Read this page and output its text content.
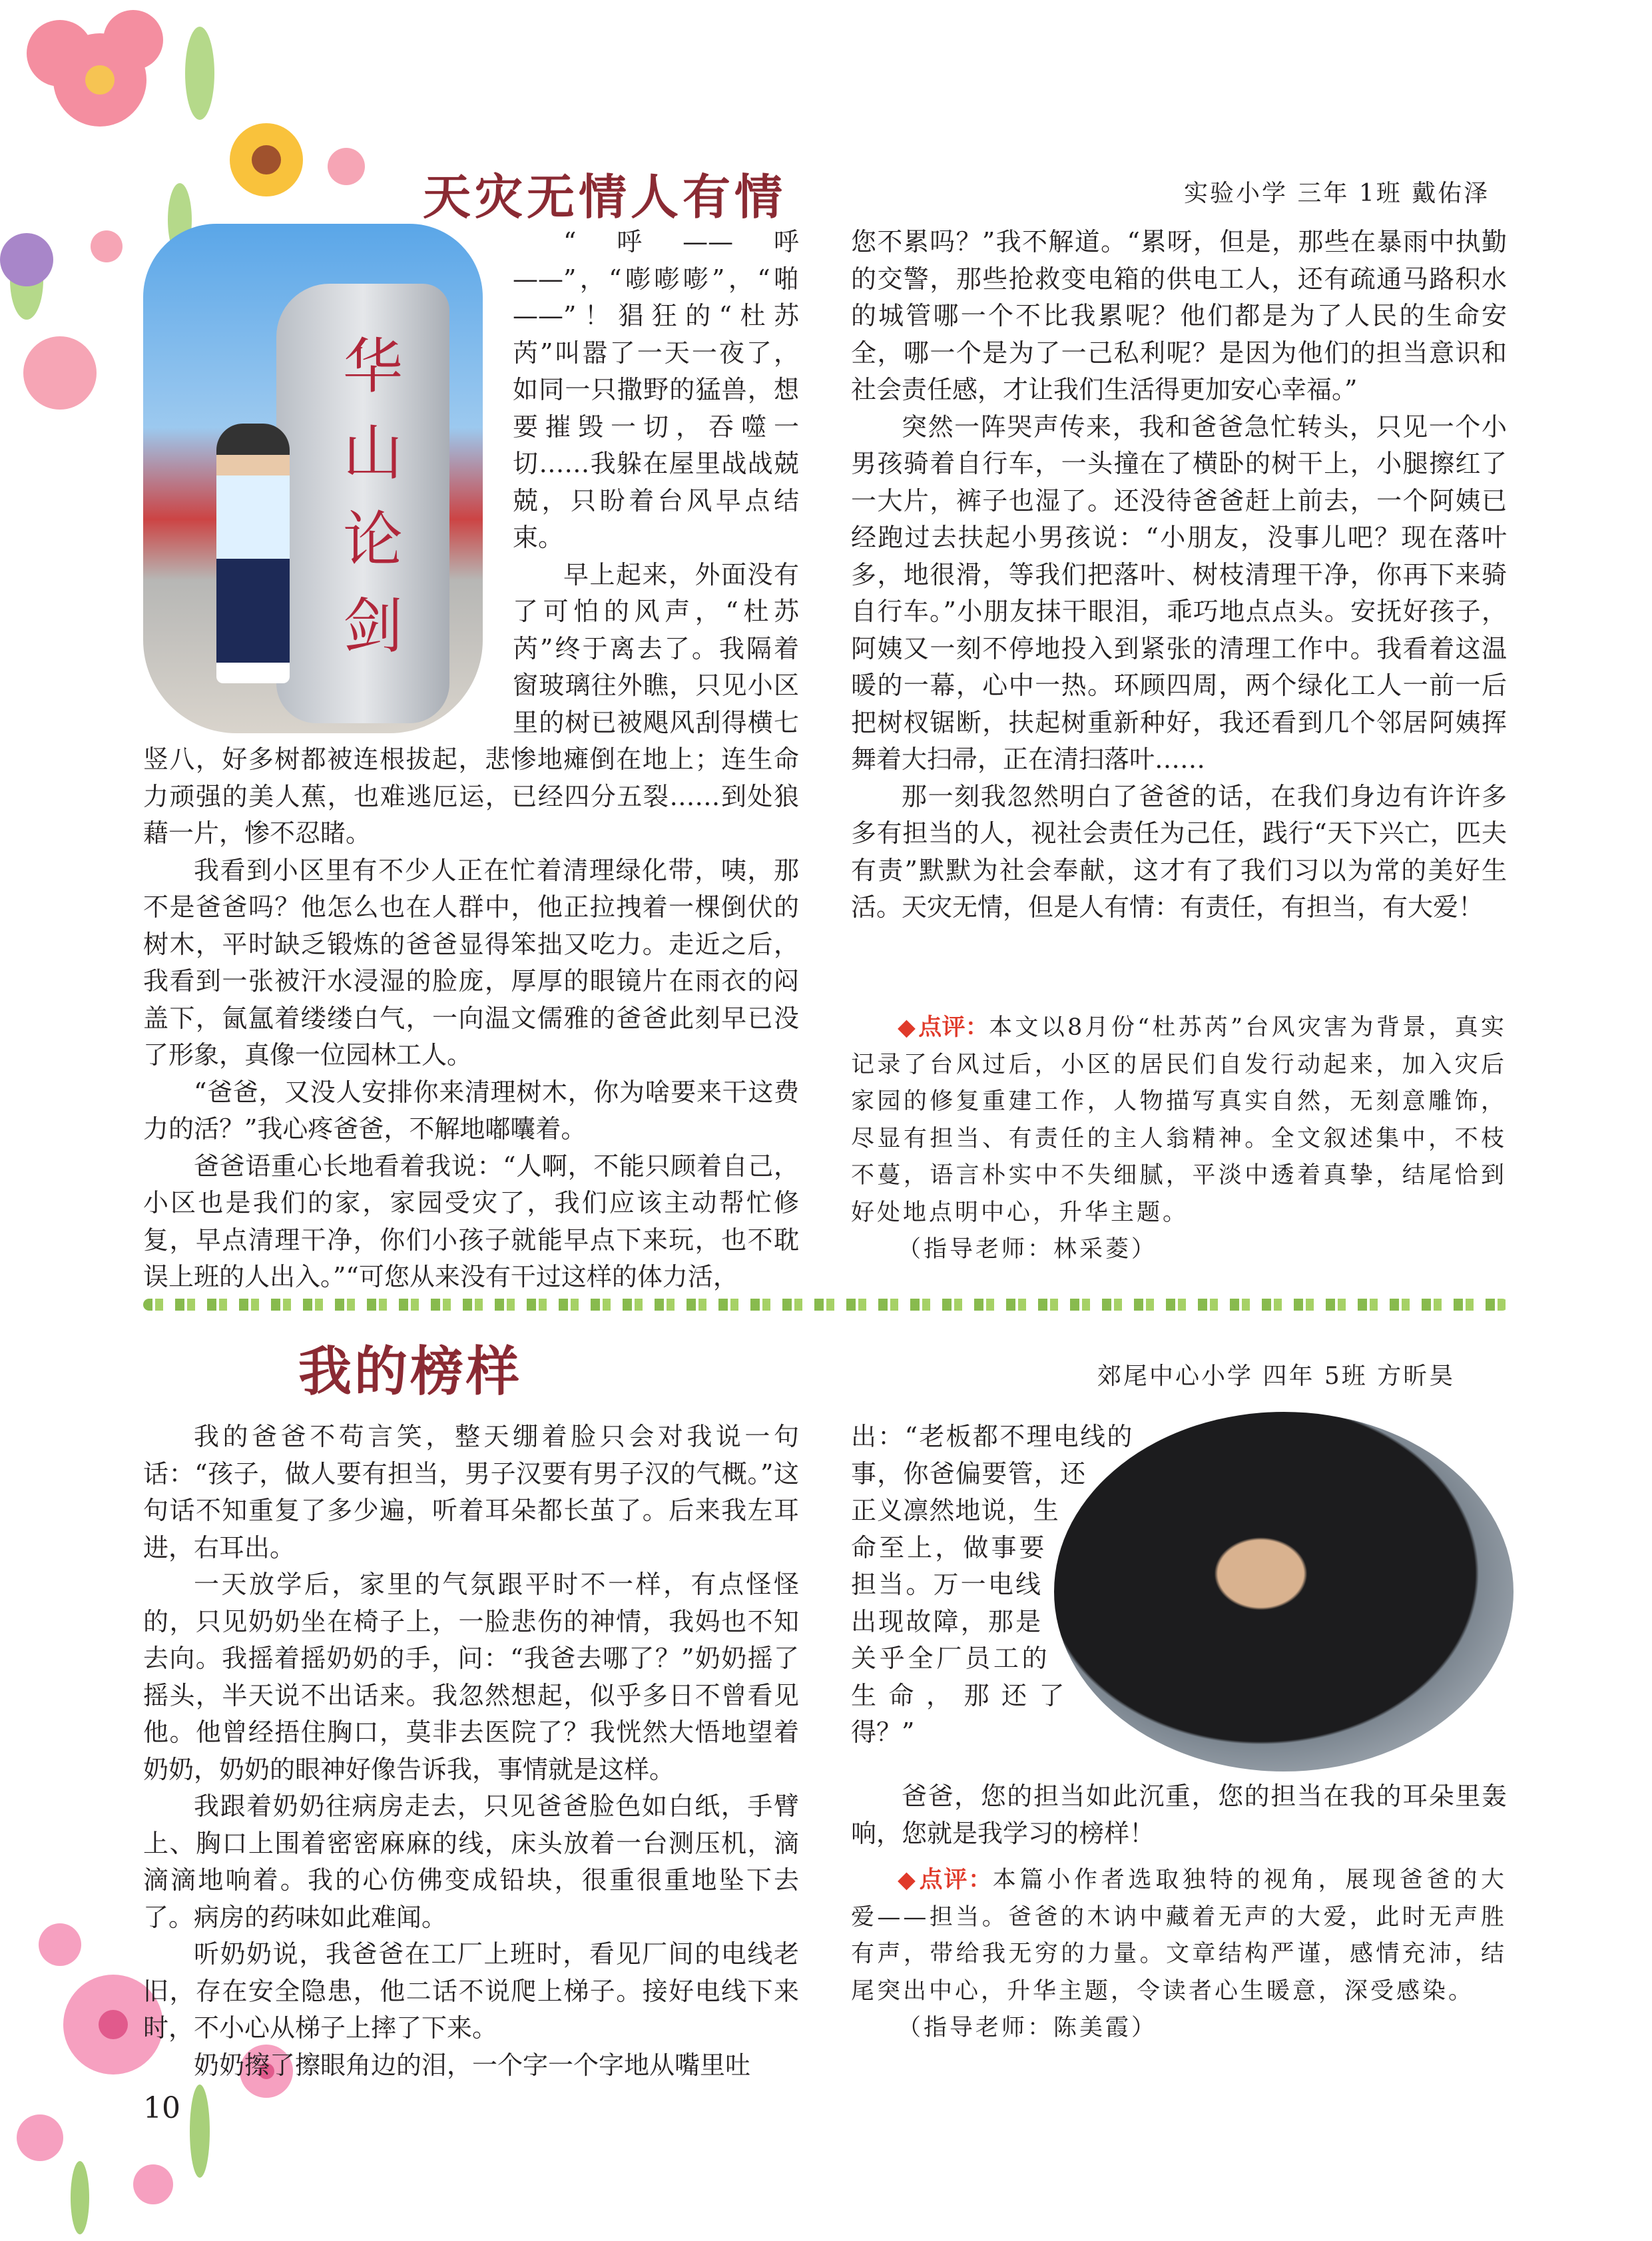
天灾无情人有情	实验小学 三年 1班 戴佑泽
华山论剑

“呼——呼——”，“嘭嘭嘭”，“啪——”！猖狂的“杜苏芮”叫嚣了一天一夜了，如同一只撒野的猛兽，想要摧毁一切，吞噬一切……我躲在屋里战战兢兢，只盼着台风早点结束。

早上起来，外面没有了可怕的风声，“杜苏芮”终于离去了。我隔着窗玻璃往外瞧，只见小区里的树已被飓风刮得横七竖八，好多树都被连根拔起，悲惨地瘫倒在地上；连生命力顽强的美人蕉，也难逃厄运，已经四分五裂……到处狼藉一片，惨不忍睹。

我看到小区里有不少人正在忙着清理绿化带，咦，那不是爸爸吗？他怎么也在人群中，他正拉拽着一棵倒伏的树木，平时缺乏锻炼的爸爸显得笨拙又吃力。走近之后，我看到一张被汗水浸湿的脸庞，厚厚的眼镜片在雨衣的闷盖下，氤氲着缕缕白气，一向温文儒雅的爸爸此刻早已没了形象，真像一位园林工人。

“爸爸，又没人安排你来清理树木，你为啥要来干这费力的活？”我心疼爸爸，不解地嘟囔着。

爸爸语重心长地看着我说：“人啊，不能只顾着自己，小区也是我们的家，家园受灾了，我们应该主动帮忙修复，早点清理干净，你们小孩子就能早点下来玩，也不耽误上班的人出入。”“可您从来没有干过这样的体力活，

您不累吗？”我不解道。“累呀，但是，那些在暴雨中执勤的交警，那些抢救变电箱的供电工人，还有疏通马路积水的城管哪一个不比我累呢？他们都是为了人民的生命安全，哪一个是为了一己私利呢？是因为他们的担当意识和社会责任感，才让我们生活得更加安心幸福。”

突然一阵哭声传来，我和爸爸急忙转头，只见一个小男孩骑着自行车，一头撞在了横卧的树干上，小腿擦红了一大片，裤子也湿了。还没待爸爸赶上前去，一个阿姨已经跑过去扶起小男孩说：“小朋友，没事儿吧？现在落叶多，地很滑，等我们把落叶、树枝清理干净，你再下来骑自行车。”小朋友抹干眼泪，乖巧地点点头。安抚好孩子，阿姨又一刻不停地投入到紧张的清理工作中。我看着这温暖的一幕，心中一热。环顾四周，两个绿化工人一前一后把树杈锯断，扶起树重新种好，我还看到几个邻居阿姨挥舞着大扫帚，正在清扫落叶……

那一刻我忽然明白了爸爸的话，在我们身边有许许多多有担当的人，视社会责任为己任，践行“天下兴亡，匹夫有责”默默为社会奉献，这才有了我们习以为常的美好生活。天灾无情，但是人有情：有责任，有担当，有大爱！

◆点评：本文以8月份“杜苏芮”台风灾害为背景，真实记录了台风过后，小区的居民们自发行动起来，加入灾后家园的修复重建工作，人物描写真实自然，无刻意雕饰，尽显有担当、有责任的主人翁精神。全文叙述集中，不枝不蔓，语言朴实中不失细腻，平淡中透着真挚，结尾恰到好处地点明中心，升华主题。

（指导老师：林采菱）
我的榜样	郊尾中心小学 四年 5班 方昕昊

我的爸爸不苟言笑，整天绷着脸只会对我说一句话：“孩子，做人要有担当，男子汉要有男子汉的气概。”这句话不知重复了多少遍，听着耳朵都长茧了。后来我左耳进，右耳出。

一天放学后，家里的气氛跟平时不一样，有点怪怪的，只见奶奶坐在椅子上，一脸悲伤的神情，我妈也不知去向。我摇着摇奶奶的手，问：“我爸去哪了？”奶奶摇了摇头，半天说不出话来。我忽然想起，似乎多日不曾看见他。他曾经捂住胸口，莫非去医院了？我恍然大悟地望着奶奶，奶奶的眼神好像告诉我，事情就是这样。

我跟着奶奶往病房走去，只见爸爸脸色如白纸，手臂上、胸口上围着密密麻麻的线，床头放着一台测压机，滴滴滴地响着。我的心仿佛变成铅块，很重很重地坠下去了。病房的药味如此难闻。

听奶奶说，我爸爸在工厂上班时，看见厂间的电线老旧，存在安全隐患，他二话不说爬上梯子。接好电线下来时，不小心从梯子上摔了下来。

奶奶擦了擦眼角边的泪，一个字一个字地从嘴里吐

出：“老板都不理电线的事，你爸偏要管，还正义凛然地说，生命至上，做事要担当。万一电线出现故障，那是关乎全厂员工的生命，那还了得？”

爸爸，您的担当如此沉重，您的担当在我的耳朵里轰响，您就是我学习的榜样！

◆点评：本篇小作者选取独特的视角，展现爸爸的大爱——担当。爸爸的木讷中藏着无声的大爱，此时无声胜有声，带给我无穷的力量。文章结构严谨，感情充沛，结尾突出中心，升华主题，令读者心生暖意，深受感染。

（指导老师：陈美霞）
10
